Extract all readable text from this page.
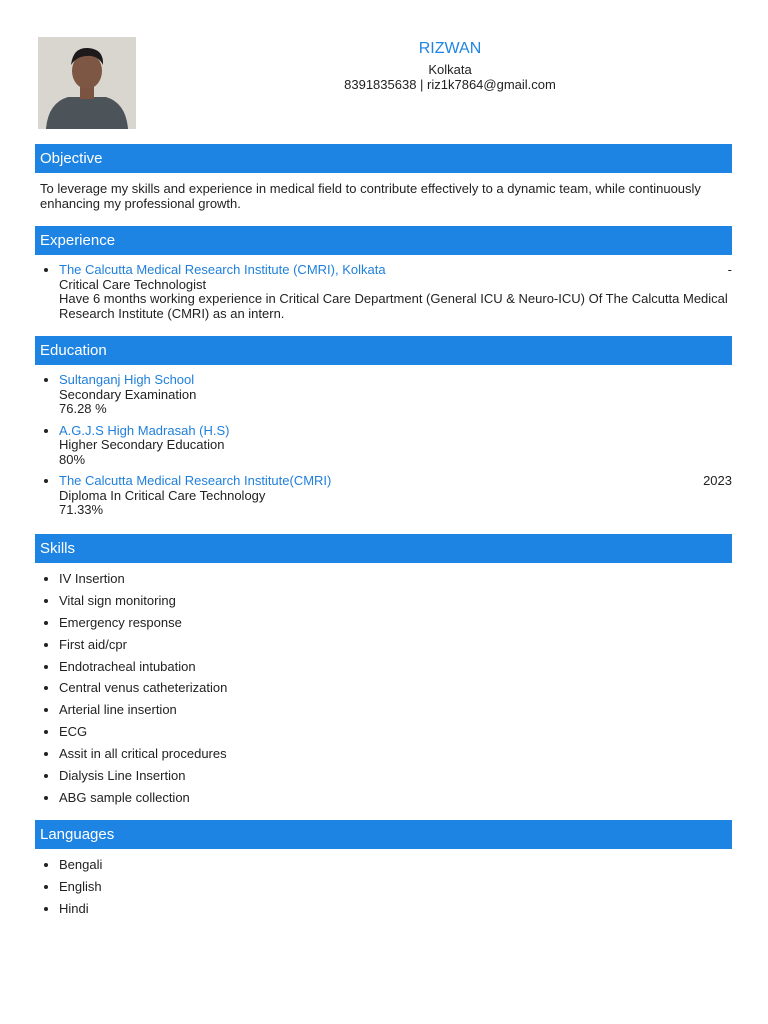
RIZWAN
Kolkata
8391835638 | riz1k7864@gmail.com
Objective
To leverage my skills and experience in medical field to contribute effectively to a dynamic team, while continuously enhancing my professional growth.
Experience
• The Calcutta Medical Research Institute (CMRI), Kolkata	-
Critical Care Technologist
Have 6 months working experience in Critical Care Department (General ICU & Neuro-ICU) Of The Calcutta Medical Research Institute (CMRI) as an intern.
Education
• Sultanganj High School
Secondary Examination
76.28 %
• A.G.J.S High Madrasah (H.S)
Higher Secondary Education
80%
• The Calcutta Medical Research Institute(CMRI)	2023
Diploma In Critical Care Technology
71.33%
Skills
• IV Insertion
• Vital sign monitoring
• Emergency response
• First aid/cpr
• Endotracheal intubation
• Central venus catheterization
• Arterial line insertion
• ECG
• Assit in all critical procedures
• Dialysis Line Insertion
• ABG sample collection
Languages
• Bengali
• English
• Hindi
